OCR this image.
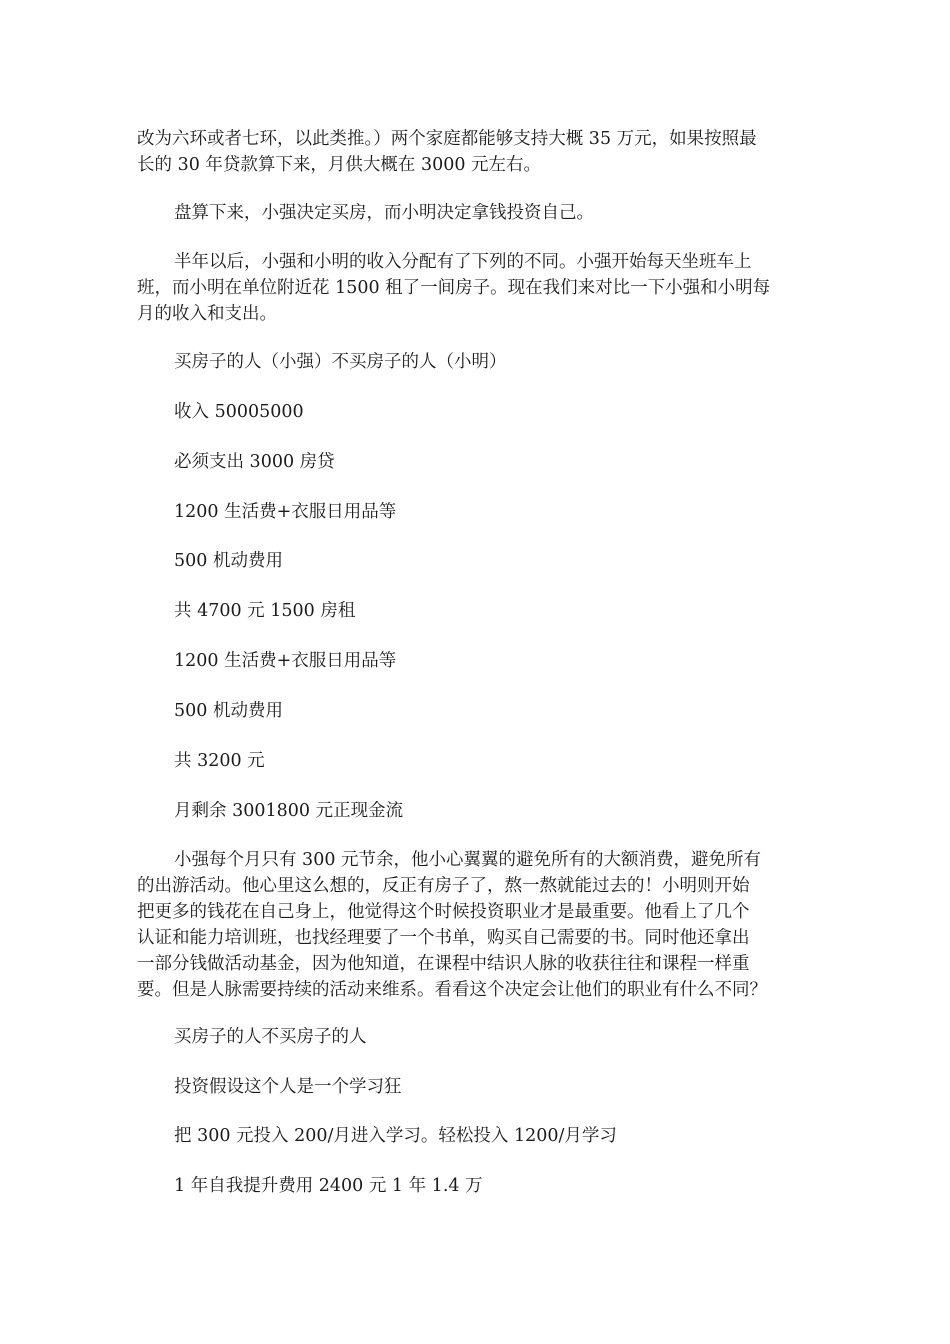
改为六环或者七环，以此类推。）两个家庭都能够支持大概 35 万元，如果按照最
长的 30 年贷款算下来，月供大概在 3000 元左右。
盘算下来，小强决定买房，而小明决定拿钱投资自己。
半年以后，小强和小明的收入分配有了下列的不同。小强开始每天坐班车上
班，而小明在单位附近花 1500 租了一间房子。现在我们来对比一下小强和小明每
月的收入和支出。
买房子的人（小强）不买房子的人（小明）
收入 50005000
必须支出 3000 房贷
1200 生活费+衣服日用品等
500 机动费用
共 4700 元 1500 房租
1200 生活费+衣服日用品等
500 机动费用
共 3200 元
月剩余 3001800 元正现金流
小强每个月只有 300 元节余，他小心翼翼的避免所有的大额消费，避免所有
的出游活动。他心里这么想的，反正有房子了，熬一熬就能过去的！小明则开始
把更多的钱花在自己身上，他觉得这个时候投资职业才是最重要。他看上了几个
认证和能力培训班，也找经理要了一个书单，购买自己需要的书。同时他还拿出
一部分钱做活动基金，因为他知道，在课程中结识人脉的收获往往和课程一样重
要。但是人脉需要持续的活动来维系。看看这个决定会让他们的职业有什么不同？
买房子的人不买房子的人
投资假设这个人是一个学习狂
把 300 元投入 200/月进入学习。轻松投入 1200/月学习
1 年自我提升费用 2400 元 1 年 1.4 万
